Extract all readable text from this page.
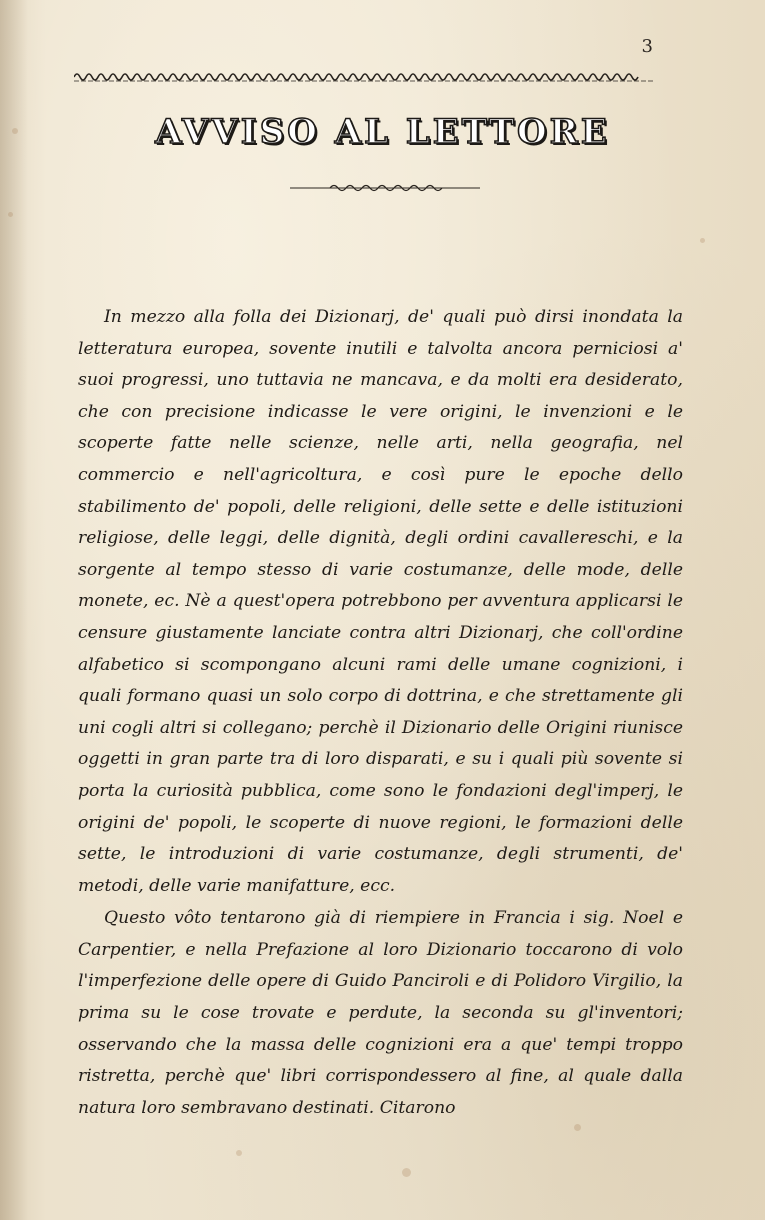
3
AVVISO AL LETTORE

In mezzo alla folla dei Dizionarj, de' quali può dirsi inondata la letteratura europea, sovente inutili e talvolta ancora perniciosi a' suoi progressi, uno tuttavia ne mancava, e da molti era desiderato, che con precisione indicasse le vere origini, le invenzioni e le scoperte fatte nelle scienze, nelle arti, nella geografia, nel commercio e nell'agricoltura, e così pure le epoche dello stabilimento de' popoli, delle religioni, delle sette e delle istituzioni religiose, delle leggi, delle dignità, degli ordini cavallereschi, e la sorgente al tempo stesso di varie costumanze, delle mode, delle monete, ec. Nè a quest'opera potrebbono per avventura applicarsi le censure giustamente lanciate contra altri Dizionarj, che coll'ordine alfabetico si scompongano alcuni rami delle umane cognizioni, i quali formano quasi un solo corpo di dottrina, e che strettamente gli uni cogli altri si collegano; perchè il Dizionario delle Origini riunisce oggetti in gran parte tra di loro disparati, e su i quali più sovente si porta la curiosità pubblica, come sono le fondazioni degl'imperj, le origini de' popoli, le scoperte di nuove regioni, le formazioni delle sette, le introduzioni di varie costumanze, degli strumenti, de' metodi, delle varie manifatture, ecc.

Questo vôto tentarono già di riempiere in Francia i sig. Noel e Carpentier, e nella Prefazione al loro Dizionario toccarono di volo l'imperfezione delle opere di Guido Panciroli e di Polidoro Virgilio, la prima su le cose trovate e perdute, la seconda su gl'inventori; osservando che la massa delle cognizioni era a que' tempi troppo ristretta, perchè que' libri corrispondessero al fine, al quale dalla natura loro sembravano destinati. Citarono
